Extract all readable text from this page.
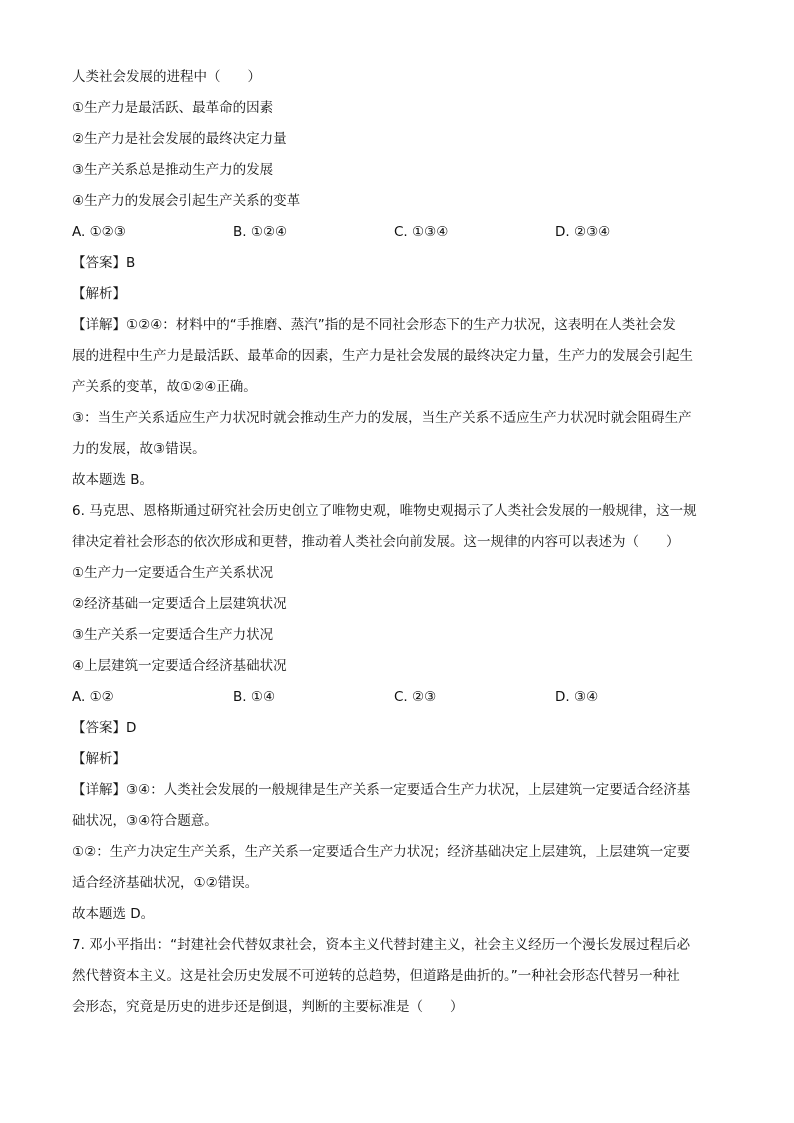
人类社会发展的进程中（　　）
①生产力是最活跃、最革命的因素
②生产力是社会发展的最终决定力量
③生产关系总是推动生产力的发展
④生产力的发展会引起生产关系的变革
A. ①②③	B. ①②④	C. ①③④	D. ②③④
【答案】B
【解析】
【详解】①②④：材料中的“手推磨、蒸汽”指的是不同社会形态下的生产力状况，这表明在人类社会发
展的进程中生产力是最活跃、最革命的因素，生产力是社会发展的最终决定力量，生产力的发展会引起生
产关系的变革，故①②④正确。
③：当生产关系适应生产力状况时就会推动生产力的发展，当生产关系不适应生产力状况时就会阻碍生产
力的发展，故③错误。
故本题选 B。
6. 马克思、恩格斯通过研究社会历史创立了唯物史观，唯物史观揭示了人类社会发展的一般规律，这一规
律决定着社会形态的依次形成和更替，推动着人类社会向前发展。这一规律的内容可以表述为（　　）
①生产力一定要适合生产关系状况
②经济基础一定要适合上层建筑状况
③生产关系一定要适合生产力状况
④上层建筑一定要适合经济基础状况
A. ①②	B. ①④	C. ②③	D. ③④
【答案】D
【解析】
【详解】③④：人类社会发展的一般规律是生产关系一定要适合生产力状况，上层建筑一定要适合经济基
础状况，③④符合题意。
①②：生产力决定生产关系，生产关系一定要适合生产力状况；经济基础决定上层建筑，上层建筑一定要
适合经济基础状况，①②错误。
故本题选 D。
7. 邓小平指出：“封建社会代替奴隶社会，资本主义代替封建主义，社会主义经历一个漫长发展过程后必
然代替资本主义。这是社会历史发展不可逆转的总趋势，但道路是曲折的。”一种社会形态代替另一种社
会形态，究竟是历史的进步还是倒退，判断的主要标准是（　　）
